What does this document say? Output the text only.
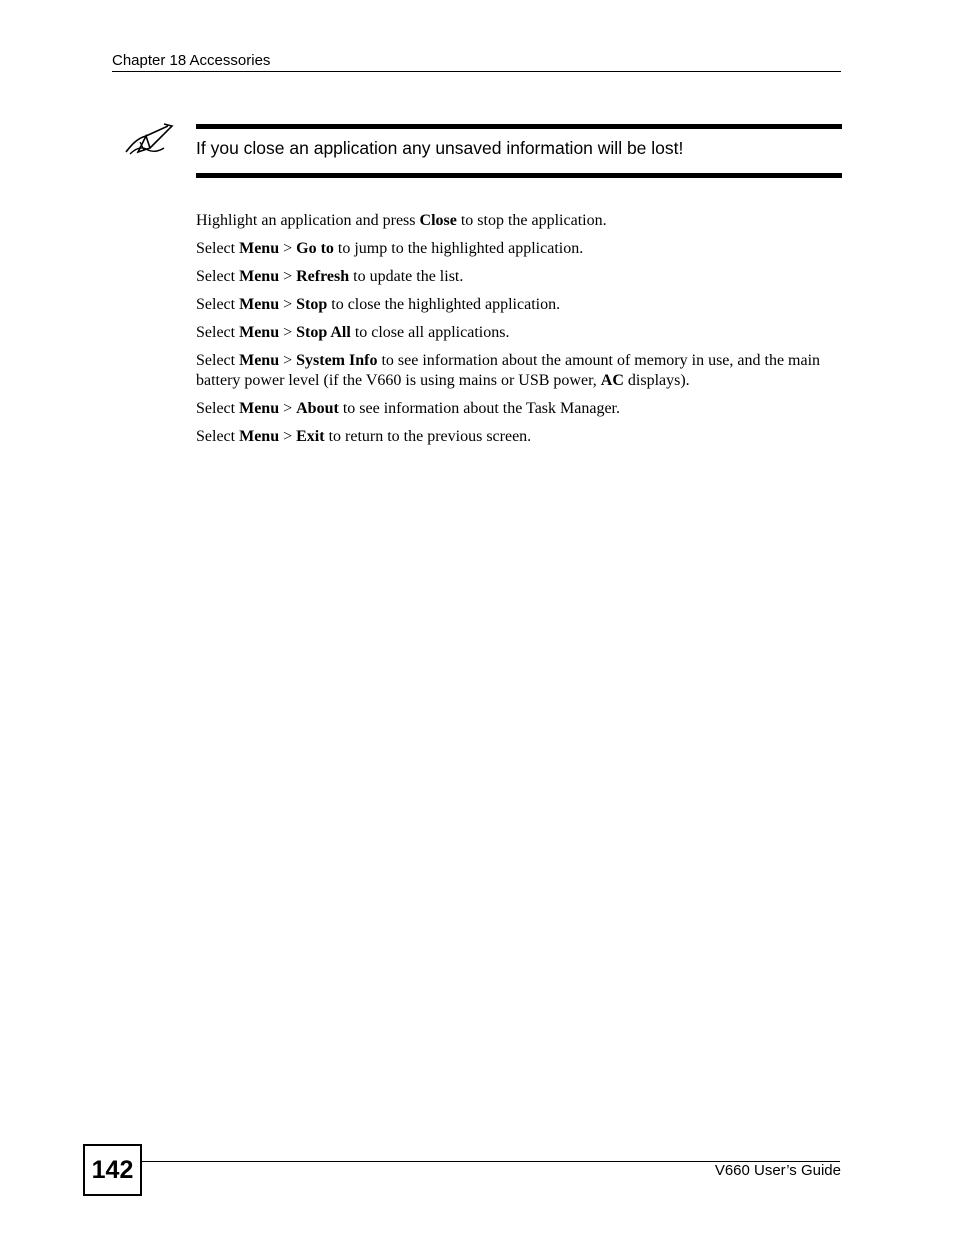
Chapter 18 Accessories
If you close an application any unsaved information will be lost!

Highlight an application and press Close to stop the application.

Select Menu > Go to to jump to the highlighted application.

Select Menu > Refresh to update the list.

Select Menu > Stop to close the highlighted application.

Select Menu > Stop All to close all applications.

Select Menu > System Info to see information about the amount of memory in use, and the main battery power level (if the V660 is using mains or USB power, AC displays).

Select Menu > About to see information about the Task Manager.

Select Menu > Exit to return to the previous screen.

142	V660 User’s Guide
